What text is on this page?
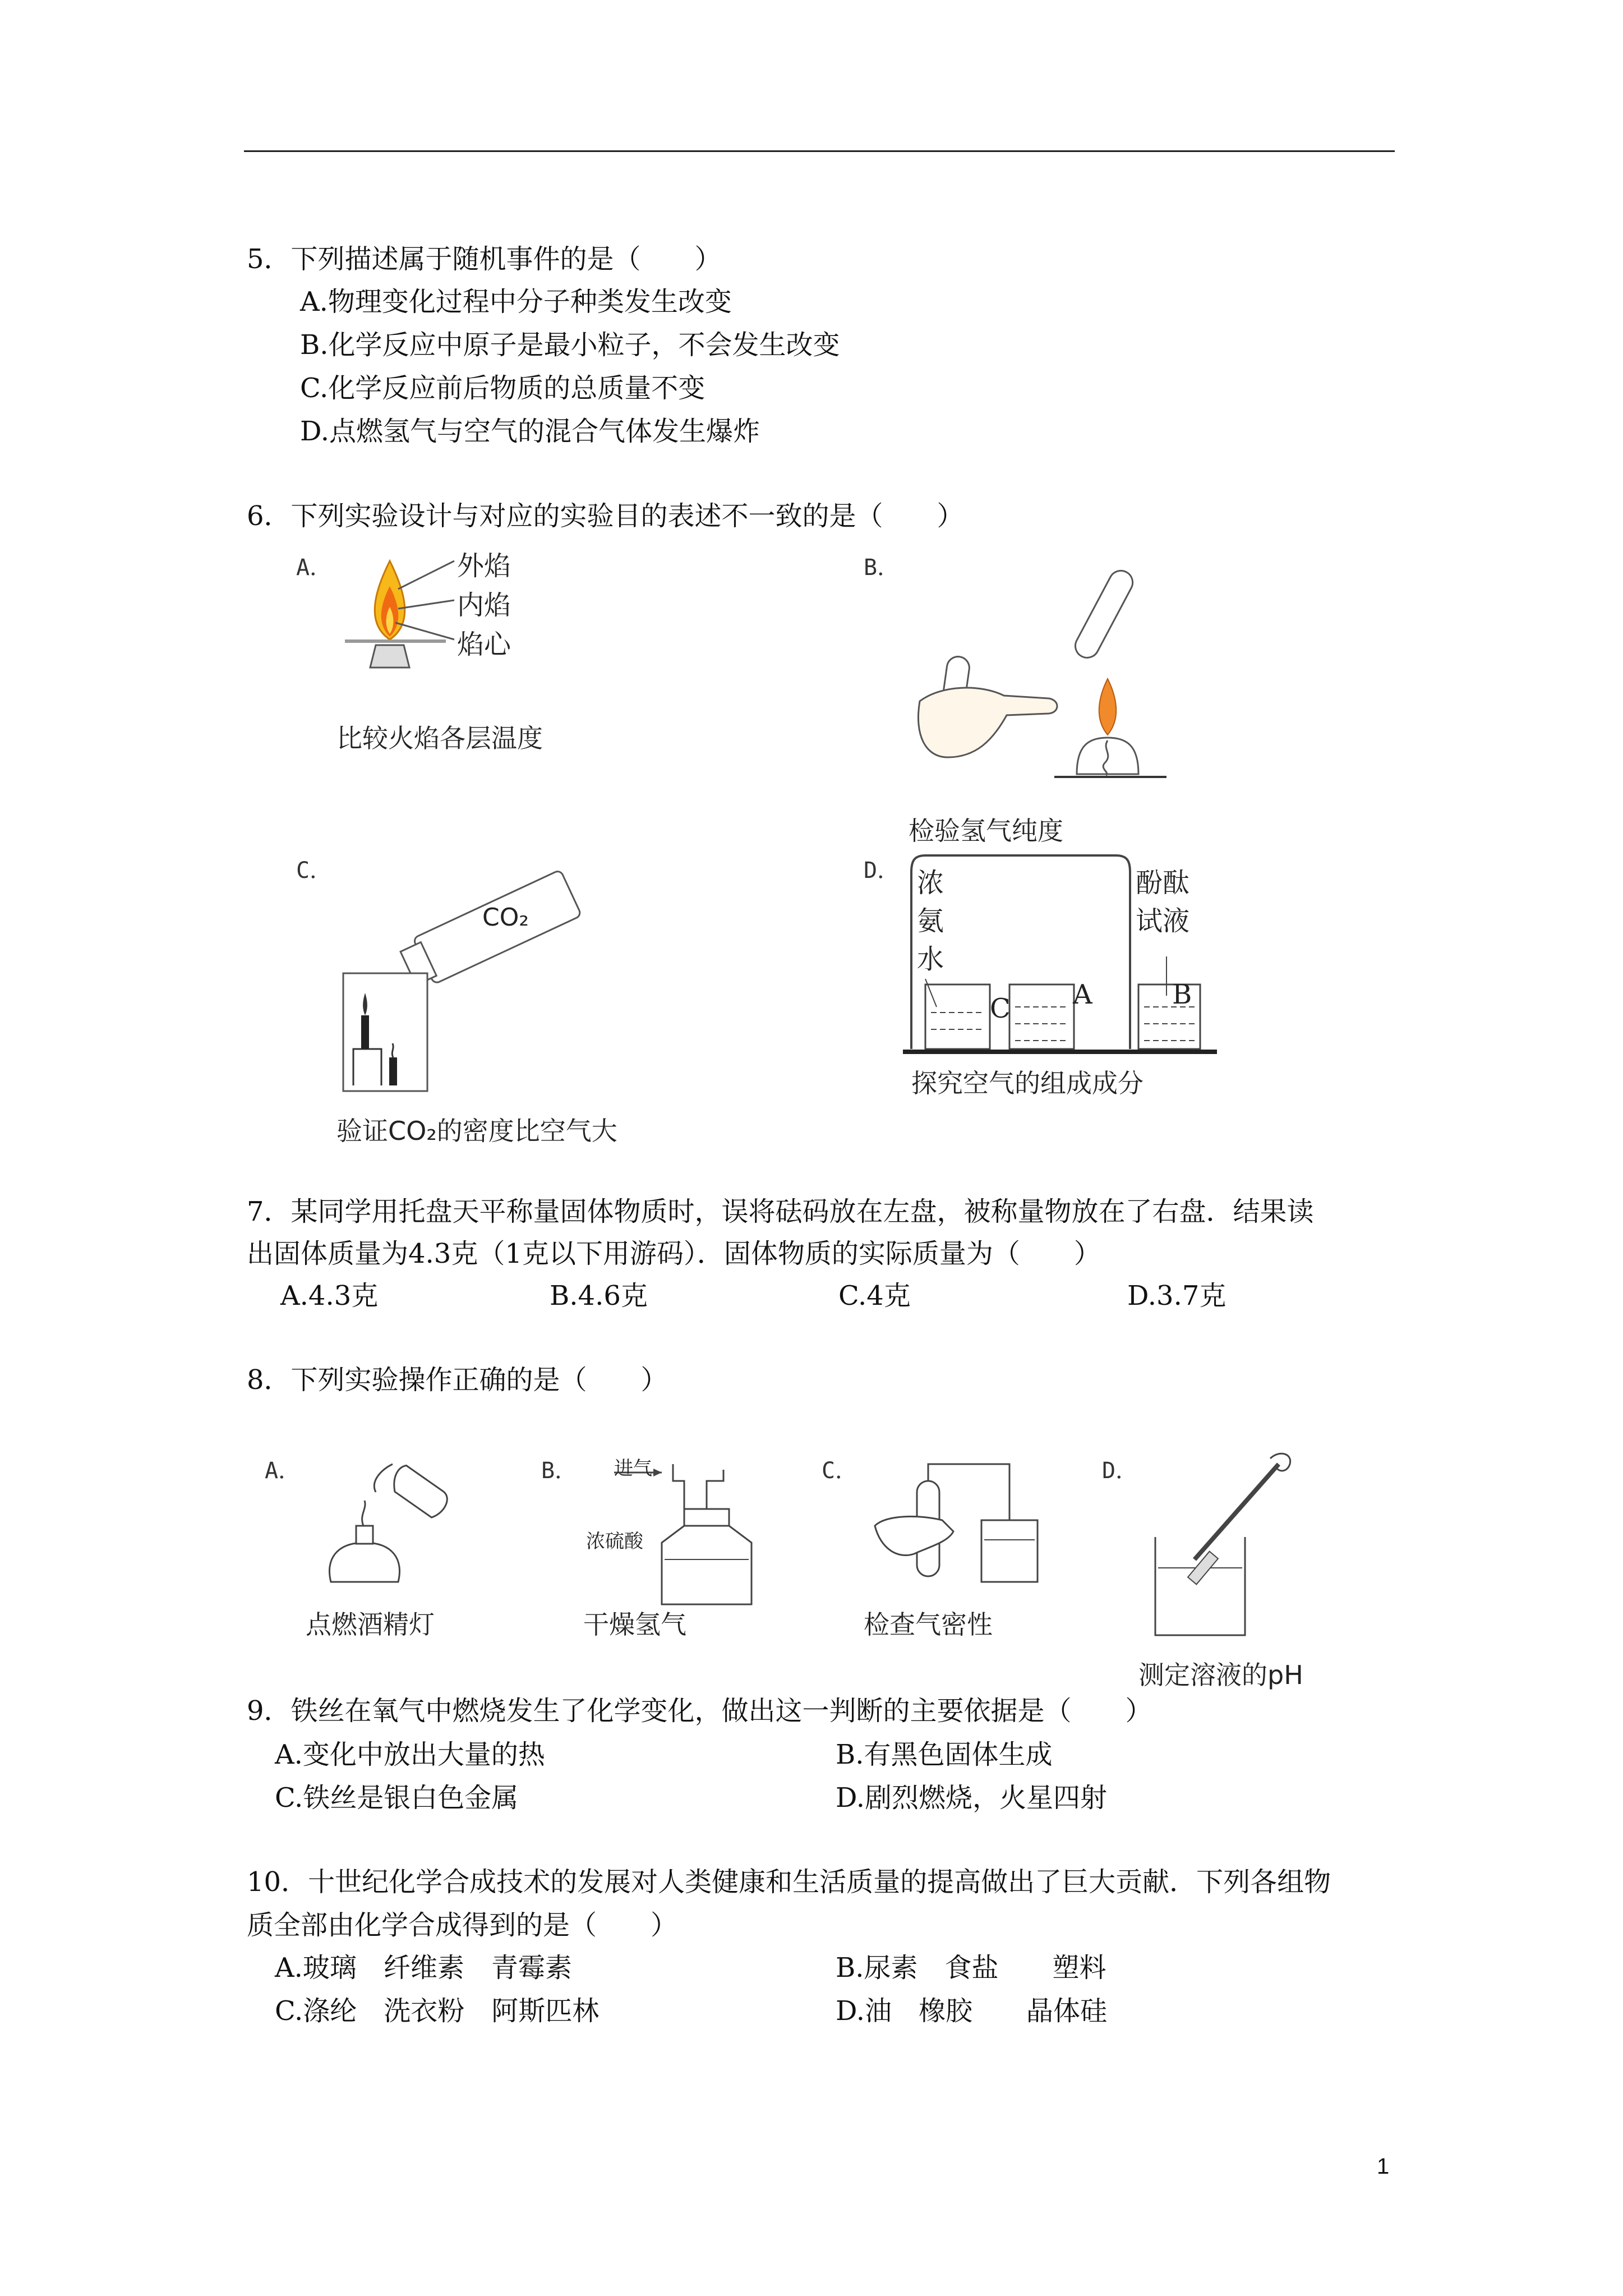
5．下列描述属于随机事件的是（　　）
A.物理变化过程中分子种类发生改变
B.化学反应中原子是最小粒子，不会发生改变
C.化学反应前后物质的总质量不变
D.点燃氢气与空气的混合气体发生爆炸
6．下列实验设计与对应的实验目的表述不一致的是（　　）
A．	外焰
内焰
焰心
比较火焰各层温度
B．
检验氢气纯度
C．
CO₂
验证CO₂的密度比空气大
D． 浓氨水
酚酞试液
C A	B
探究空气的组成成分
7．某同学用托盘天平称量固体物质时，误将砝码放在左盘，被称量物放在了右盘．结果读
出固体质量为4.3克（1克以下用游码）．固体物质的实际质量为（　　）
A.4.3克	B.4.6克	C.4克	D.3.7克
8．下列实验操作正确的是（　　）
A．
点燃酒精灯
B． 进气
浓硫酸
干燥氢气
C．
检查气密性
D．
测定溶液的pH
9．铁丝在氧气中燃烧发生了化学变化，做出这一判断的主要依据是（　　）
A.变化中放出大量的热	B.有黑色固体生成
C.铁丝是银白色金属	D.剧烈燃烧，火星四射
10．十世纪化学合成技术的发展对人类健康和生活质量的提高做出了巨大贡献．下列各组物
质全部由化学合成得到的是（　　）
A.玻璃　纤维素　青霉素	B.尿素　食盐　　塑料
C.涤纶　洗衣粉　阿斯匹林	D.油　橡胶　　晶体硅
1
